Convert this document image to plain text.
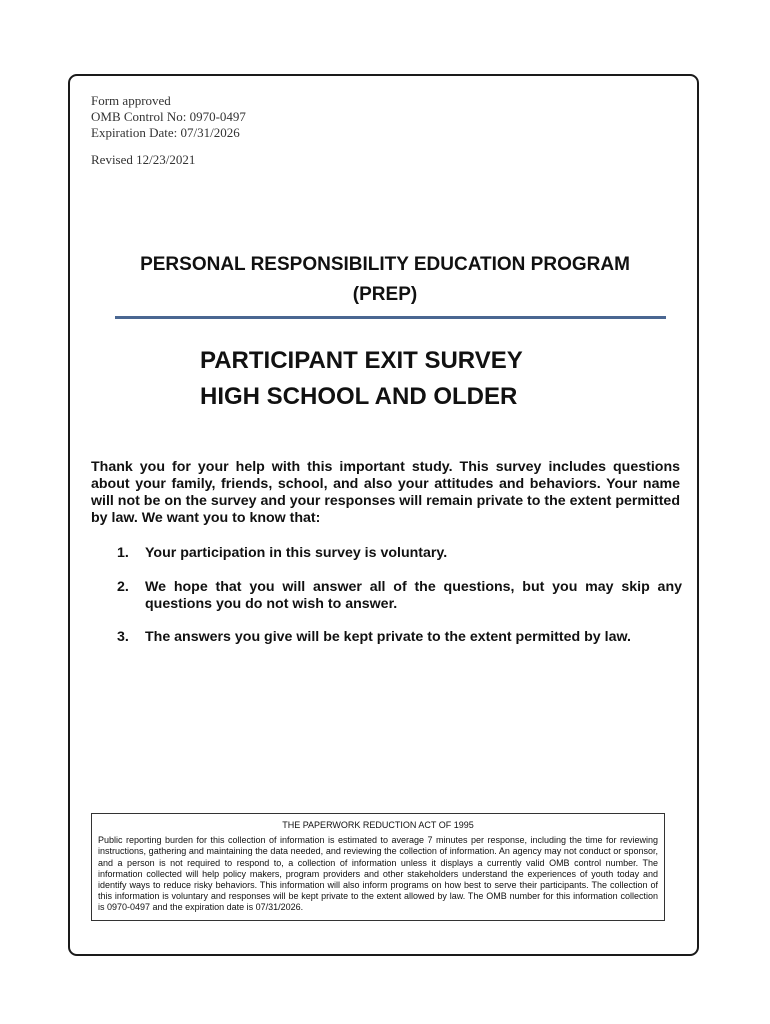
Form approved
OMB Control No: 0970-0497
Expiration Date: 07/31/2026
Revised 12/23/2021
PERSONAL RESPONSIBILITY EDUCATION PROGRAM
(PREP)
PARTICIPANT EXIT SURVEY
HIGH SCHOOL AND OLDER
Thank you for your help with this important study. This survey includes questions about your family, friends, school, and also your attitudes and behaviors. Your name will not be on the survey and your responses will remain private to the extent permitted by law. We want you to know that:
1.	Your participation in this survey is voluntary.
2.	We hope that you will answer all of the questions, but you may skip any questions you do not wish to answer.
3.	The answers you give will be kept private to the extent permitted by law.
THE PAPERWORK REDUCTION ACT OF 1995
Public reporting burden for this collection of information is estimated to average 7 minutes per response, including the time for reviewing instructions, gathering and maintaining the data needed, and reviewing the collection of information. An agency may not conduct or sponsor, and a person is not required to respond to, a collection of information unless it displays a currently valid OMB control number. The information collected will help policy makers, program providers and other stakeholders understand the experiences of youth today and identify ways to reduce risky behaviors. This information will also inform programs on how best to serve their participants. The collection of this information is voluntary and responses will be kept private to the extent allowed by law. The OMB number for this information collection is 0970-0497 and the expiration date is 07/31/2026.
